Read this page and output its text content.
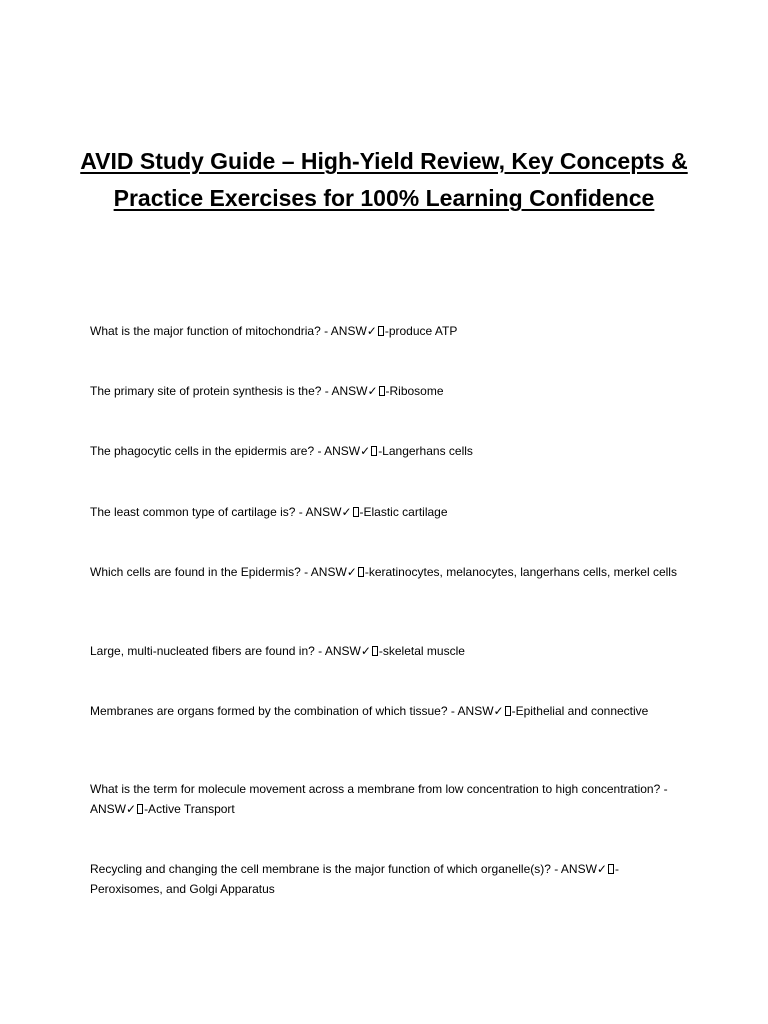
AVID Study Guide – High-Yield Review, Key Concepts & Practice Exercises for 100% Learning Confidence

What is the major function of mitochondria? - ANSW✓ -produce ATP

The primary site of protein synthesis is the? - ANSW✓ -Ribosome

The phagocytic cells in the epidermis are? - ANSW✓ -Langerhans cells

The least common type of cartilage is? - ANSW✓ -Elastic cartilage

Which cells are found in the Epidermis? - ANSW✓ -keratinocytes, melanocytes, langerhans cells, merkel cells

Large, multi-nucleated fibers are found in? - ANSW✓ -skeletal muscle

Membranes are organs formed by the combination of which tissue? - ANSW✓ -Epithelial and connective

What is the term for molecule movement across a membrane from low concentration to high concentration? - ANSW✓ -Active Transport

Recycling and changing the cell membrane is the major function of which organelle(s)? - ANSW✓ - Peroxisomes, and Golgi Apparatus
